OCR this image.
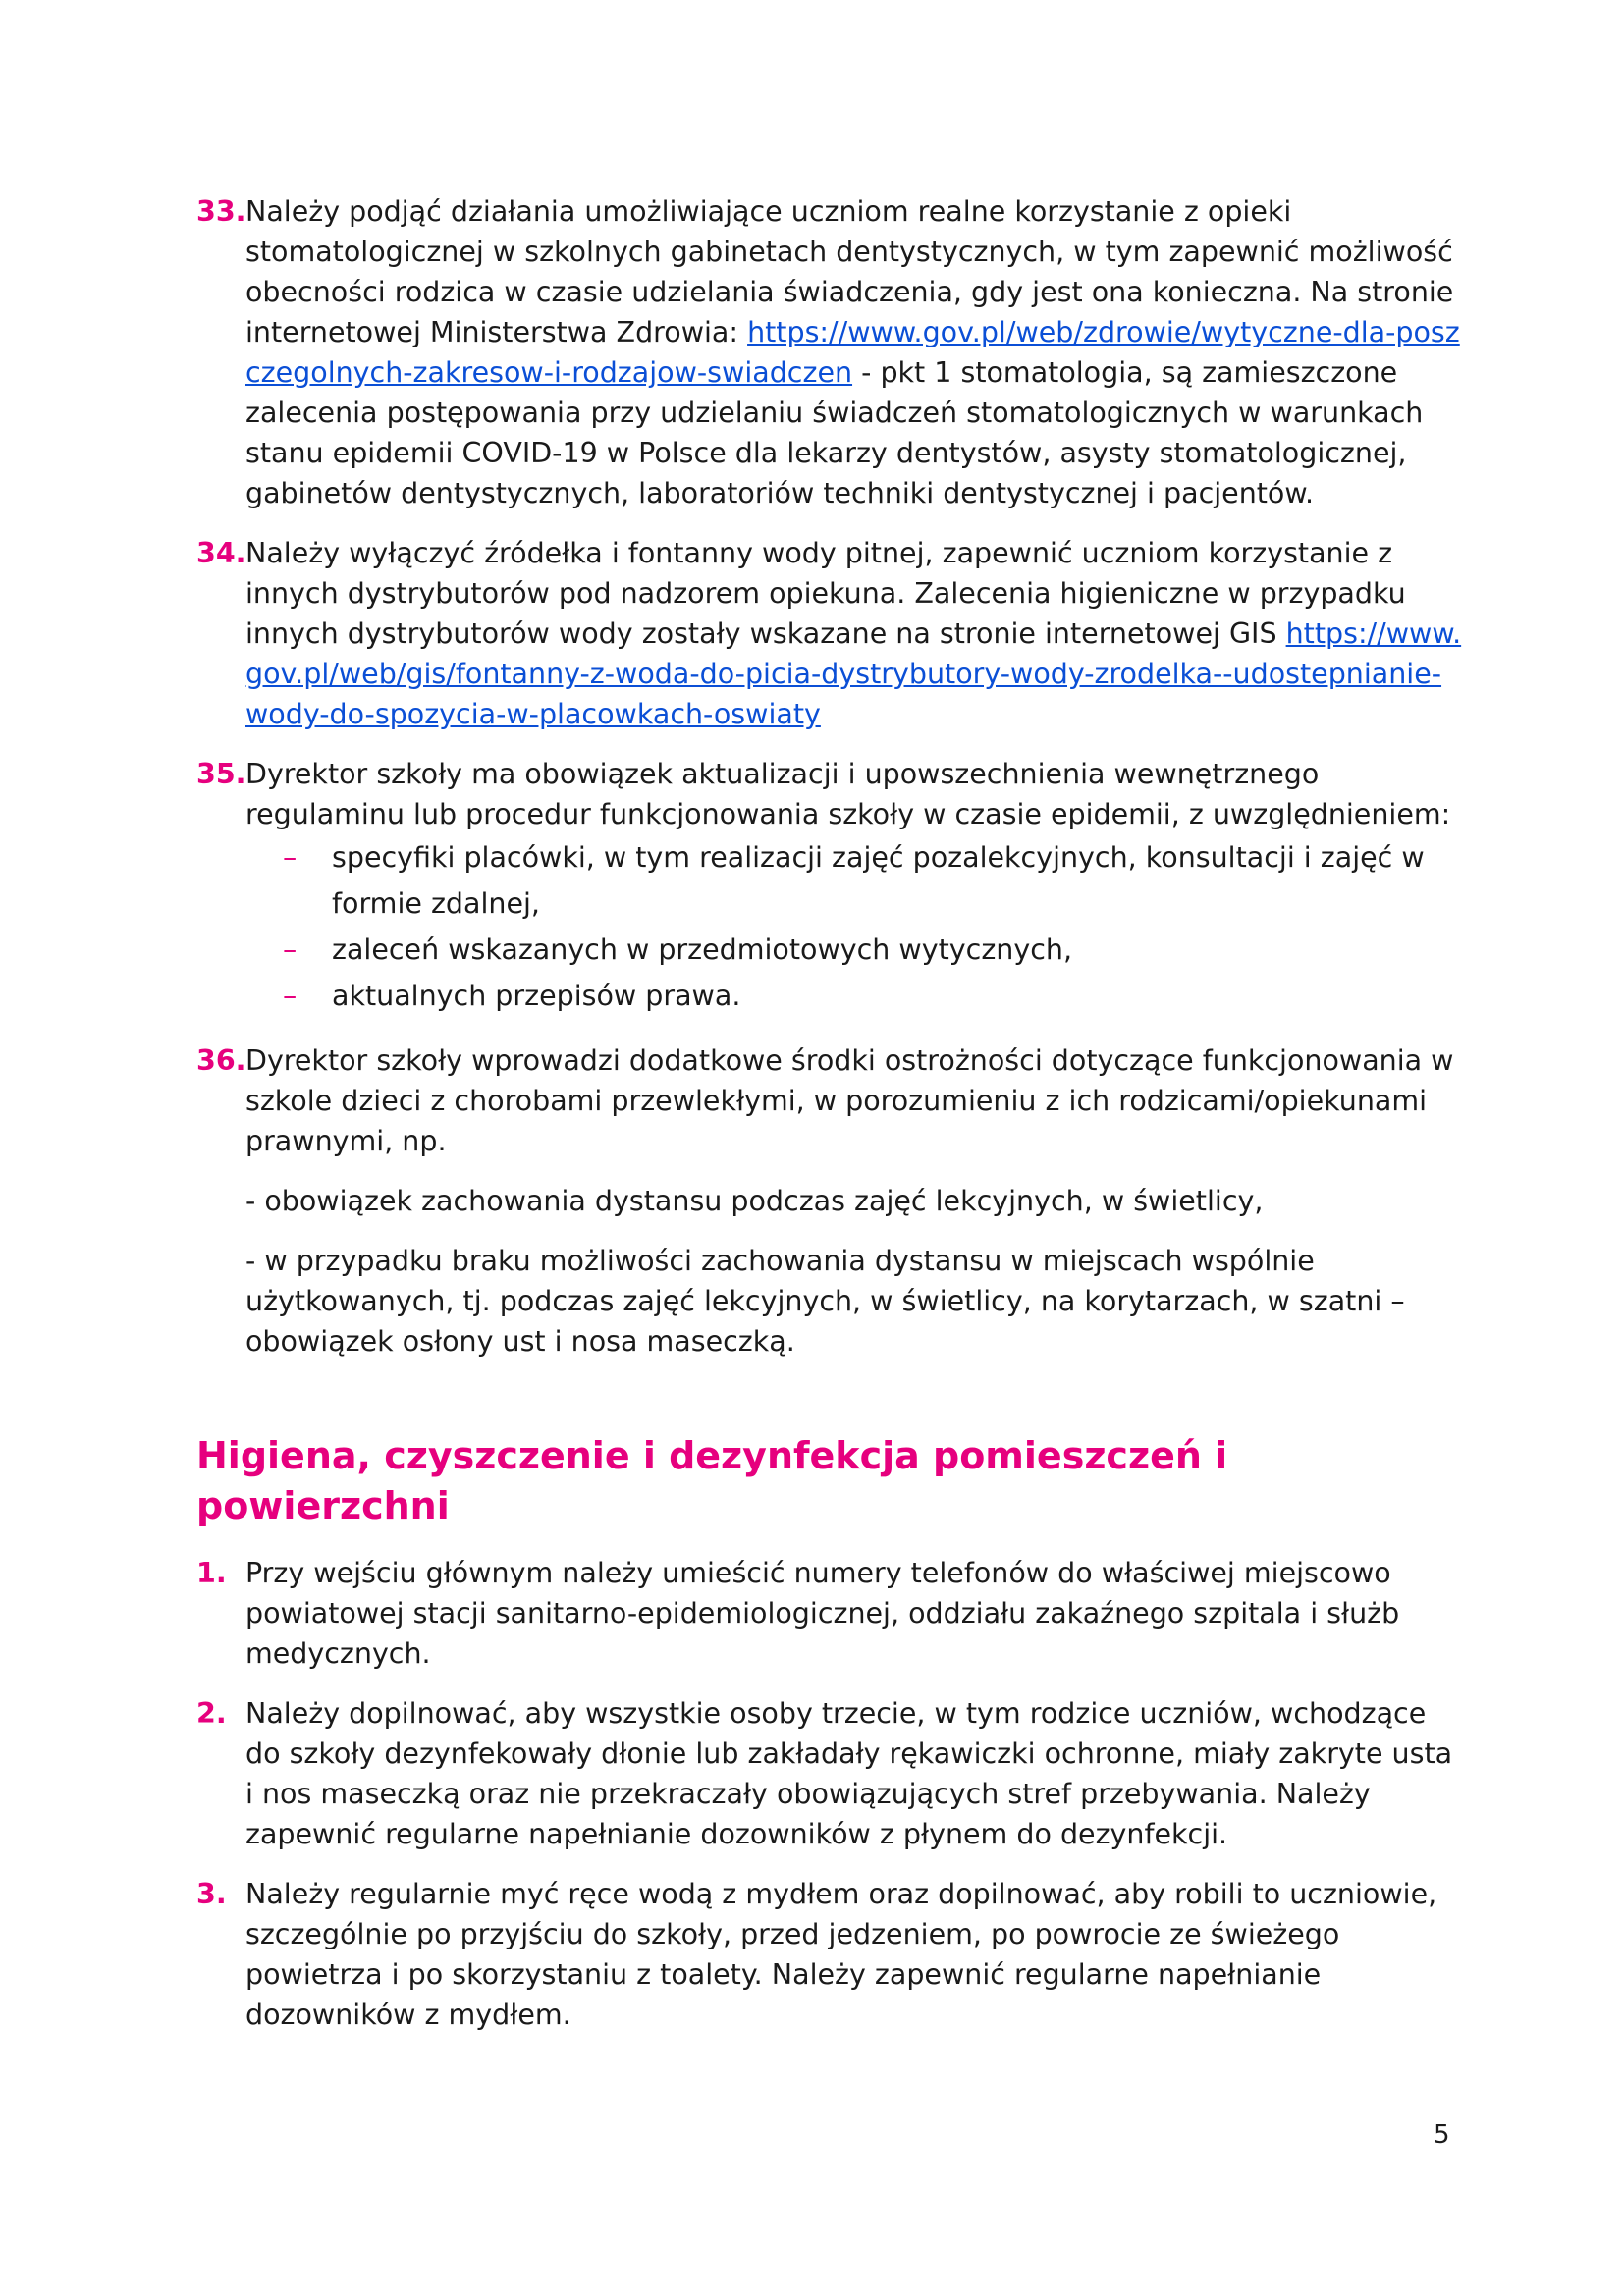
33. Należy podjąć działania umożliwiające uczniom realne korzystanie z opieki stomatologicznej w szkolnych gabinetach dentystycznych, w tym zapewnić możliwość obecności rodzica w czasie udzielania świadczenia, gdy jest ona konieczna. Na stronie internetowej Ministerstwa Zdrowia: https://www.gov.pl/web/zdrowie/wytyczne-dla-poszczegolnych-zakresow-i-rodzajow-swiadczen - pkt 1 stomatologia, są zamieszczone zalecenia postępowania przy udzielaniu świadczeń stomatologicznych w warunkach stanu epidemii COVID-19 w Polsce dla lekarzy dentystów, asysty stomatologicznej, gabinetów dentystycznych, laboratoriów techniki dentystycznej i pacjentów.

34. Należy wyłączyć źródełka i fontanny wody pitnej, zapewnić uczniom korzystanie z innych dystrybutorów pod nadzorem opiekuna. Zalecenia higieniczne w przypadku innych dystrybutorów wody zostały wskazane na stronie internetowej GIS https://www.gov.pl/web/gis/fontanny-z-woda-do-picia-dystrybutory-wody-zrodelka--udostepnianie-wody-do-spozycia-w-placowkach-oswiaty

35. Dyrektor szkoły ma obowiązek aktualizacji i upowszechnienia wewnętrznego regulaminu lub procedur funkcjonowania szkoły w czasie epidemii, z uwzględnieniem:

– specyfiki placówki, w tym realizacji zajęć pozalekcyjnych, konsultacji i zajęć w formie zdalnej,
– zaleceń wskazanych w przedmiotowych wytycznych,
– aktualnych przepisów prawa.
36. Dyrektor szkoły wprowadzi dodatkowe środki ostrożności dotyczące funkcjonowania w szkole dzieci z chorobami przewlekłymi, w porozumieniu z ich rodzicami/opiekunami prawnymi, np.

- obowiązek zachowania dystansu podczas zajęć lekcyjnych, w świetlicy,

- w przypadku braku możliwości zachowania dystansu w miejscach wspólnie użytkowanych, tj. podczas zajęć lekcyjnych, w świetlicy, na korytarzach, w szatni – obowiązek osłony ust i nosa maseczką.

Higiena, czyszczenie i dezynfekcja pomieszczeń i powierzchni
1. Przy wejściu głównym należy umieścić numery telefonów do właściwej miejscowo powiatowej stacji sanitarno-epidemiologicznej, oddziału zakaźnego szpitala i służb medycznych.

2. Należy dopilnować, aby wszystkie osoby trzecie, w tym rodzice uczniów, wchodzące do szkoły dezynfekowały dłonie lub zakładały rękawiczki ochronne, miały zakryte usta i nos maseczką oraz nie przekraczały obowiązujących stref przebywania. Należy zapewnić regularne napełnianie dozowników z płynem do dezynfekcji.

3. Należy regularnie myć ręce wodą z mydłem oraz dopilnować, aby robili to uczniowie, szczególnie po przyjściu do szkoły, przed jedzeniem, po powrocie ze świeżego powietrza i po skorzystaniu z toalety. Należy zapewnić regularne napełnianie dozowników z mydłem.

5
